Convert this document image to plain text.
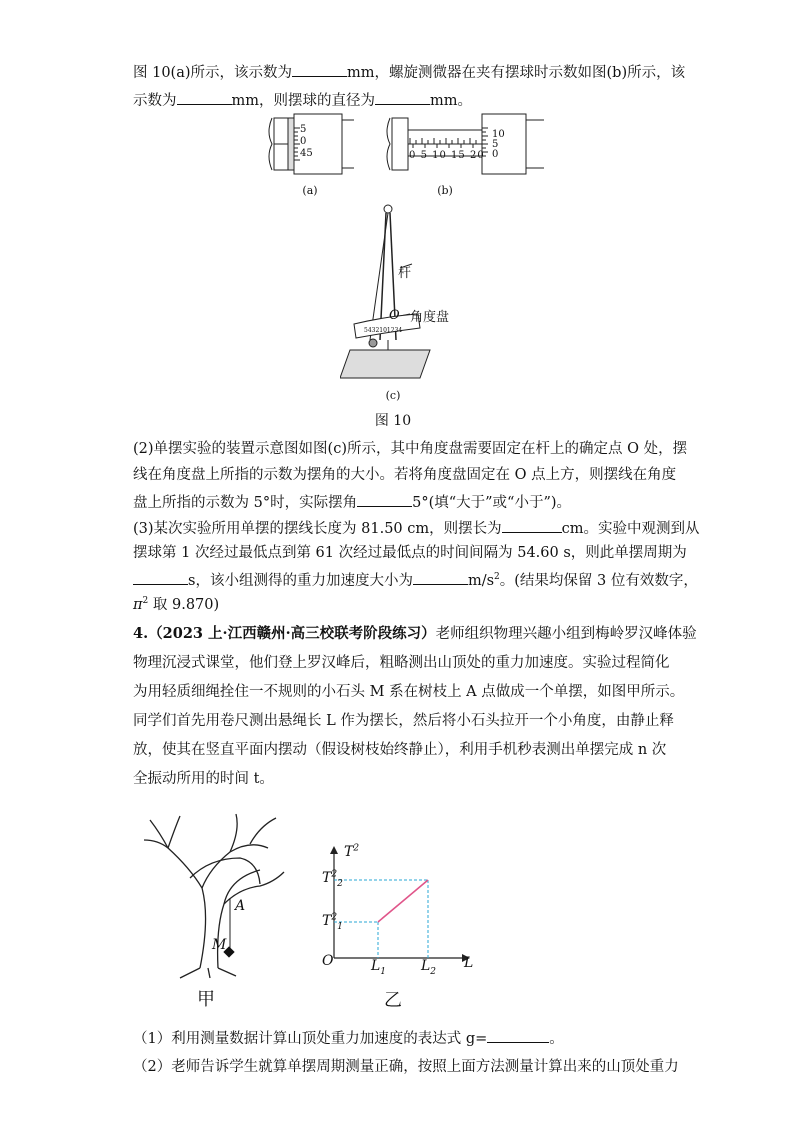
图 10(a)所示，该示数为	mm，螺旋测微器在夹有摆球时示数如图(b)所示，该
示数为	mm，则摆球的直径为	mm。
5
0
45	0 5 10 15 20
10
5
0
(a)	(b)
杆
O 角度盘
5432101234
(c)
图 10
(2)单摆实验的装置示意图如图(c)所示，其中角度盘需要固定在杆上的确定点 O 处，摆
线在角度盘上所指的示数为摆角的大小。若将角度盘固定在 O 点上方，则摆线在角度
盘上所指的示数为 5°时，实际摆角	5°(填“大于”或“小于”)。
(3)某次实验所用单摆的摆线长度为 81.50 cm，则摆长为	cm。实验中观测到从
摆球第 1 次经过最低点到第 61 次经过最低点的时间间隔为 54.60 s，则此单摆周期为
s，该小组测得的重力加速度大小为	$m/s^2$。(结果均保留 3 位有效数字，
$\pi^2$ 取 9.870)
4.（2023 上·江西赣州·高三校联考阶段练习）老师组织物理兴趣小组到梅岭罗汉峰体验
物理沉浸式课堂，他们登上罗汉峰后，粗略测出山顶处的重力加速度。实验过程简化
为用轻质细绳拴住一不规则的小石头 M 系在树枝上 A 点做成一个单摆，如图甲所示。
同学们首先用卷尺测出悬绳长 L 作为摆长，然后将小石头拉开一个小角度，由静止释
放，使其在竖直平面内摆动（假设树枝始终静止），利用手机秒表测出单摆完成 n 次
全振动所用的时间 t。
A
M
甲
$T^2$
$T^2_2$
$T^2_1$
O	$L_1$ $L_2$
L
乙
（1）利用测量数据计算山顶处重力加速度的表达式 g=	。
（2）老师告诉学生就算单摆周期测量正确，按照上面方法测量计算出来的山顶处重力
